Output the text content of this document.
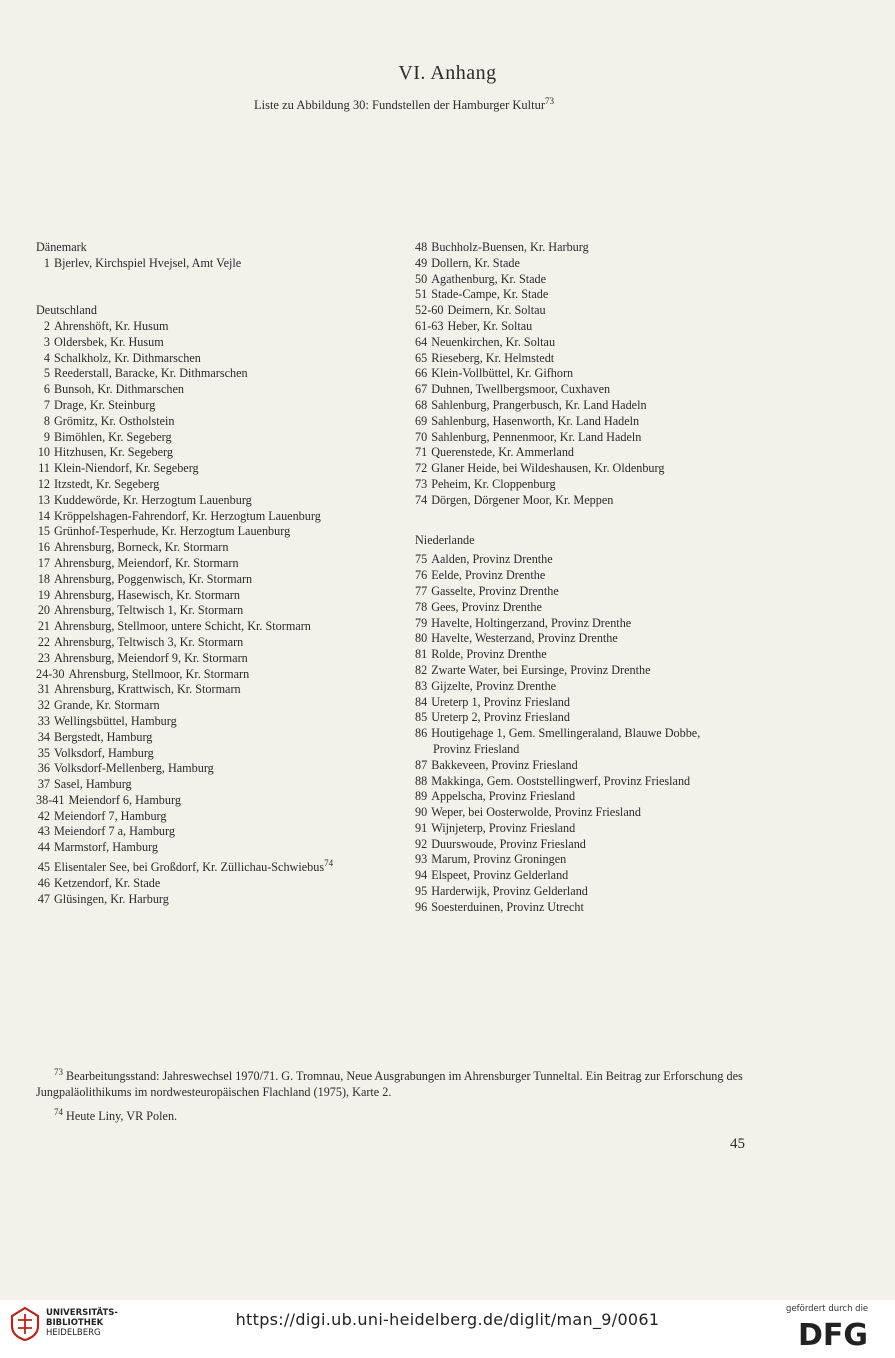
VI. Anhang
Liste zu Abbildung 30: Fundstellen der Hamburger Kultur$^{73}$
Dänemark
1 Bjerlev, Kirchspiel Hvejsel, Amt Vejle
Deutschland
2 Ahrenshöft, Kr. Husum
3 Oldersbek, Kr. Husum
4 Schalkholz, Kr. Dithmarschen
5 Reederstall, Baracke, Kr. Dithmarschen
6 Bunsoh, Kr. Dithmarschen
7 Drage, Kr. Steinburg
8 Grömitz, Kr. Ostholstein
9 Bimöhlen, Kr. Segeberg
10 Hitzhusen, Kr. Segeberg
11 Klein-Niendorf, Kr. Segeberg
12 Itzstedt, Kr. Segeberg
13 Kuddewörde, Kr. Herzogtum Lauenburg
14 Kröppelshagen-Fahrendorf, Kr. Herzogtum Lauenburg
15 Grünhof-Tesperhude, Kr. Herzogtum Lauenburg
16 Ahrensburg, Borneck, Kr. Stormarn
17 Ahrensburg, Meiendorf, Kr. Stormarn
18 Ahrensburg, Poggenwisch, Kr. Stormarn
19 Ahrensburg, Hasewisch, Kr. Stormarn
20 Ahrensburg, Teltwisch 1, Kr. Stormarn
21 Ahrensburg, Stellmoor, untere Schicht, Kr. Stormarn
22 Ahrensburg, Teltwisch 3, Kr. Stormarn
23 Ahrensburg, Meiendorf 9, Kr. Stormarn
24-30 Ahrensburg, Stellmoor, Kr. Stormarn
31 Ahrensburg, Krattwisch, Kr. Stormarn
32 Grande, Kr. Stormarn
33 Wellingsbüttel, Hamburg
34 Bergstedt, Hamburg
35 Volksdorf, Hamburg
36 Volksdorf-Mellenberg, Hamburg
37 Sasel, Hamburg
38-41 Meiendorf 6, Hamburg
42 Meiendorf 7, Hamburg
43 Meiendorf 7 a, Hamburg
44 Marmstorf, Hamburg
45 Elisentaler See, bei Großdorf, Kr. Züllichau-Schwiebus$^{74}$
46 Ketzendorf, Kr. Stade
47 Glüsingen, Kr. Harburg
48 Buchholz-Buensen, Kr. Harburg
49 Dollern, Kr. Stade
50 Agathenburg, Kr. Stade
51 Stade-Campe, Kr. Stade
52-60 Deimern, Kr. Soltau
61-63 Heber, Kr. Soltau
64 Neuenkirchen, Kr. Soltau
65 Rieseberg, Kr. Helmstedt
66 Klein-Vollbüttel, Kr. Gifhorn
67 Duhnen, Twellbergsmoor, Cuxhaven
68 Sahlenburg, Prangerbusch, Kr. Land Hadeln
69 Sahlenburg, Hasenworth, Kr. Land Hadeln
70 Sahlenburg, Pennenmoor, Kr. Land Hadeln
71 Querenstede, Kr. Ammerland
72 Glaner Heide, bei Wildeshausen, Kr. Oldenburg
73 Peheim, Kr. Cloppenburg
74 Dörgen, Dörgener Moor, Kr. Meppen
Niederlande
75 Aalden, Provinz Drenthe
76 Eelde, Provinz Drenthe
77 Gasselte, Provinz Drenthe
78 Gees, Provinz Drenthe
79 Havelte, Holtingerzand, Provinz Drenthe
80 Havelte, Westerzand, Provinz Drenthe
81 Rolde, Provinz Drenthe
82 Zwarte Water, bei Eursinge, Provinz Drenthe
83 Gijzelte, Provinz Drenthe
84 Ureterp 1, Provinz Friesland
85 Ureterp 2, Provinz Friesland
86 Houtigehage 1, Gem. Smellingeraland, Blauwe Dobbe,
Provinz Friesland
87 Bakkeveen, Provinz Friesland
88 Makkinga, Gem. Ooststellingwerf, Provinz Friesland
89 Appelscha, Provinz Friesland
90 Weper, bei Oosterwolde, Provinz Friesland
91 Wijnjeterp, Provinz Friesland
92 Duurswoude, Provinz Friesland
93 Marum, Provinz Groningen
94 Elspeet, Provinz Gelderland
95 Harderwijk, Provinz Gelderland
96 Soesterduinen, Provinz Utrecht
$^{73}$ Bearbeitungsstand: Jahreswechsel 1970/71. G. Tromnau, Neue Ausgrabungen im Ahrensburger Tunneltal. Ein Beitrag zur Erforschung des Jungpaläolithikums im nordwesteuropäischen Flachland (1975), Karte 2.
$^{74}$ Heute Liny, VR Polen.
45
UNIVERSITÄTS-
BIBLIOTHEK
HEIDELBERG
https://digi.ub.uni-heidelberg.de/diglit/man_9/0061
gefördert durch die
DFG
